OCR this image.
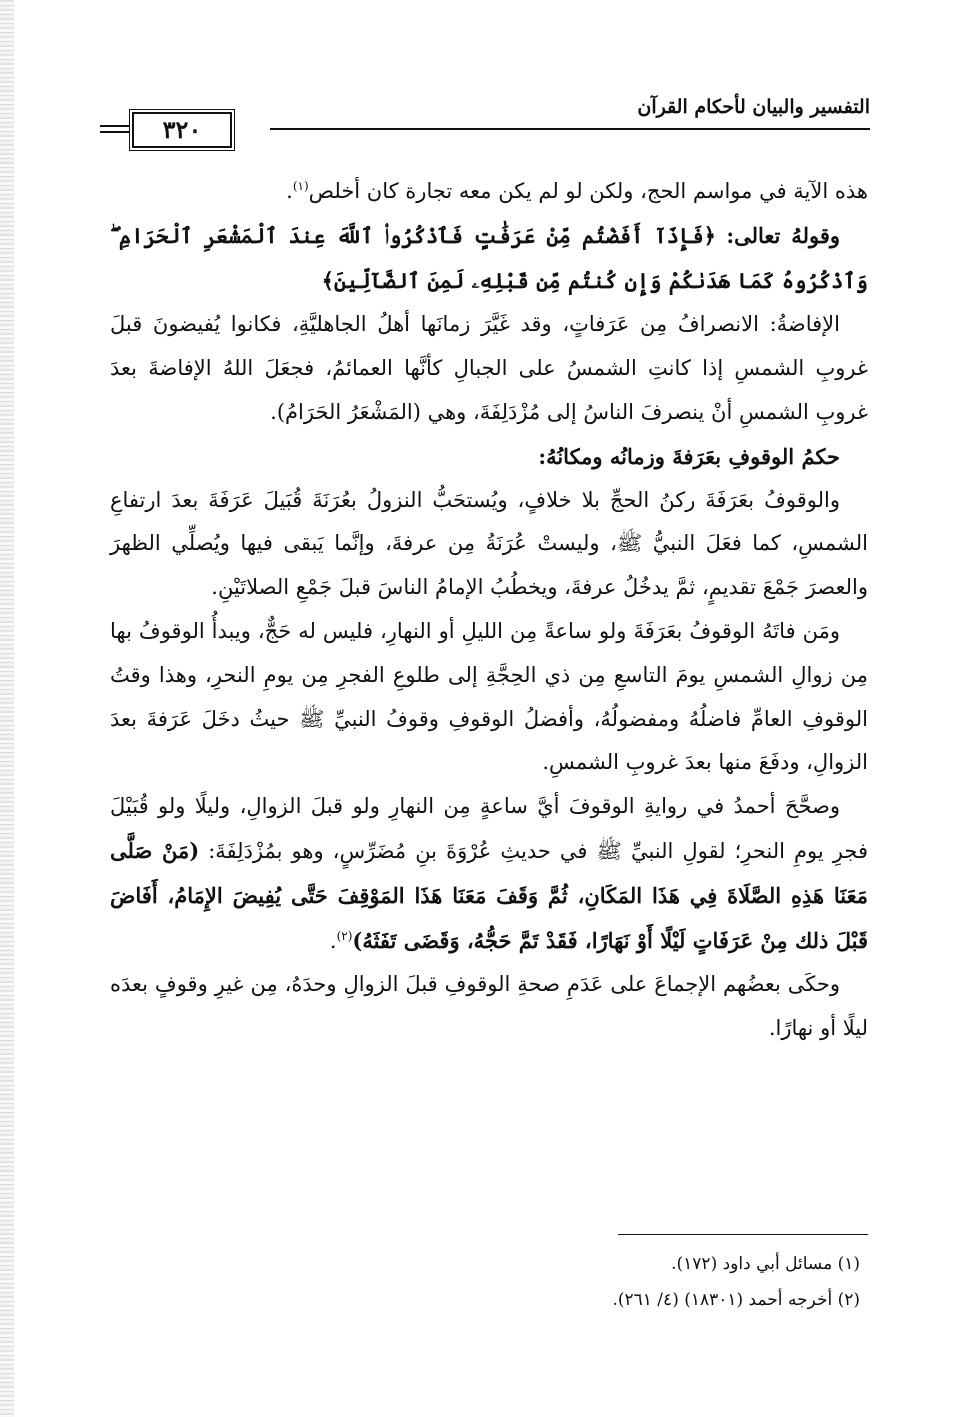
التفسير والبيان لأحكام القرآن
٣٢٠

هذه الآية في مواسم الحج، ولكن لو لم يكن معه تجارة كان أخلص$^{(١)}$.

وقولهُ تعالى: ﴿فَإِذَآ أَفَضْتُم مِّنْ عَرَفَٰتٍ فَٱذْكُرُوا۟ ٱللَّهَ عِندَ ٱلْمَشْعَرِ ٱلْحَرَامِ ۖ وَٱذْكُرُوهُ كَمَا هَدَىٰكُمْ وَإِن كُنتُم مِّن قَبْلِهِۦ لَمِنَ ٱلضَّآلِّينَ﴾

الإفاضةُ: الانصرافُ مِن عَرَفاتٍ، وقد غَيَّرَ زمانَها أهلُ الجاهليَّةِ، فكانوا يُفيضونَ قبلَ غروبِ الشمسِ إذا كانتِ الشمسُ على الجبالِ كأنَّها العمائمُ، فجعَلَ اللهُ الإفاضةَ بعدَ غروبِ الشمسِ أنْ ينصرفَ الناسُ إلى مُزْدَلِفَةَ، وهي (المَشْعَرُ الحَرَامُ).

حكمُ الوقوفِ بعَرَفةَ وزمانُه ومكانُهُ:

والوقوفُ بعَرَفَةَ ركنُ الحجِّ بلا خلافٍ، ويُستحَبُّ النزولُ بعُرَنَةَ قُبَيلَ عَرَفَةَ بعدَ ارتفاعِ الشمسِ، كما فعَلَ النبيُّ ﷺ، وليستْ عُرَنَةُ مِن عرفةَ، وإنَّما يَبقى فيها ويُصلِّي الظهرَ والعصرَ جَمْعَ تقديمٍ، ثمَّ يدخُلُ عرفةَ، ويخطُبُ الإمامُ الناسَ قبلَ جَمْعِ الصلاتَيْنِ.

ومَن فاتَهُ الوقوفُ بعَرَفَةَ ولو ساعةً مِن الليلِ أو النهارِ، فليس له حَجٌّ، ويبدأُ الوقوفُ بها مِن زوالِ الشمسِ يومَ التاسعِ مِن ذي الحِجَّةِ إلى طلوعِ الفجرِ مِن يومِ النحرِ، وهذا وقتُ الوقوفِ العامِّ فاضلُهُ ومفضولُهُ، وأفضلُ الوقوفِ وقوفُ النبيِّ ﷺ حيثُ دخَلَ عَرَفةَ بعدَ الزوالِ، ودفَعَ منها بعدَ غروبِ الشمسِ.

وصحَّحَ أحمدُ في روايةِ الوقوفَ أيَّ ساعةٍ مِن النهارِ ولو قبلَ الزوالِ، وليلًا ولو قُبَيْلَ فجرِ يومِ النحرِ؛ لقولِ النبيِّ ﷺ في حديثِ عُرْوَةَ بنِ مُضَرِّسٍ، وهو بمُزْدَلِفَةَ: (مَنْ صَلَّى مَعَنَا هَذِهِ الصَّلَاةَ فِي هَذَا المَكَانِ، ثُمَّ وَقَفَ مَعَنَا هَذَا المَوْقِفَ حَتَّى يُفِيضَ الإِمَامُ، أَفَاضَ قَبْلَ ذلك مِنْ عَرَفَاتٍ لَيْلًا أَوْ نَهَارًا، فَقَدْ تَمَّ حَجُّهُ، وَقَضَى تَفَثَهُ)$^{(٢)}$.

وحكَى بعضُهم الإجماعَ على عَدَمِ صحةِ الوقوفِ قبلَ الزوالِ وحدَهُ، مِن غيرِ وقوفٍ بعدَه ليلًا أو نهارًا.

(١) مسائل أبي داود (١٧٢).

(٢) أخرجه أحمد (١٨٣٠١) (٤/ ٢٦١).
